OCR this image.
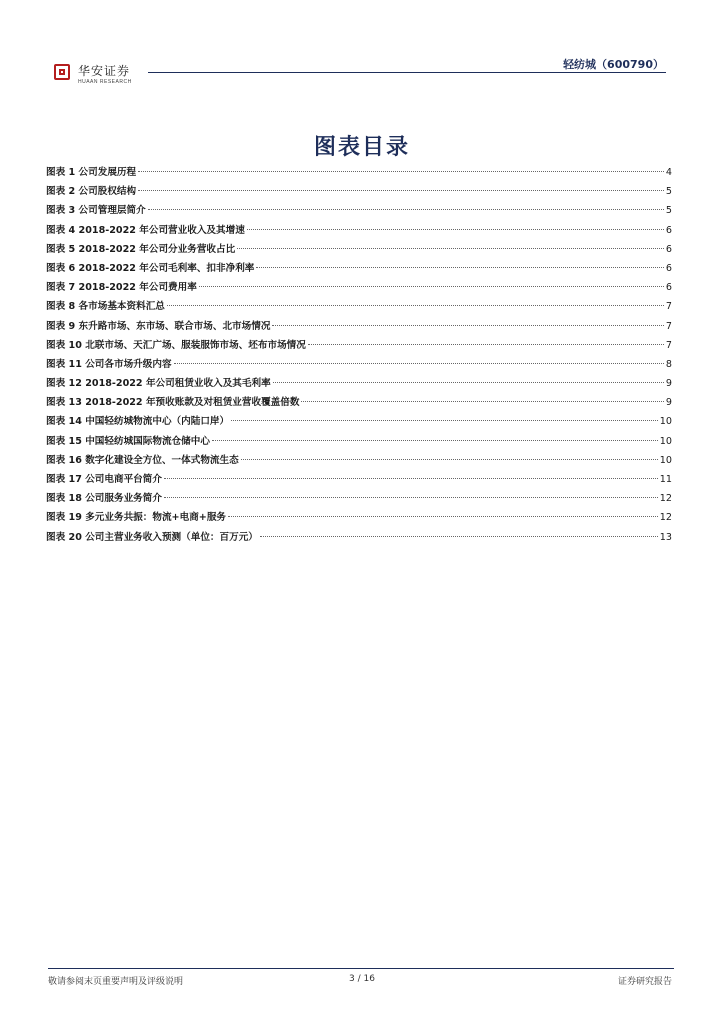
华安证券
HUAAN RESEARCH
轻纺城（600790）
图表目录
图表 1 公司发展历程	4
图表 2 公司股权结构	5
图表 3 公司管理层简介	5
图表 4 2018-2022 年公司营业收入及其增速	6
图表 5 2018-2022 年公司分业务营收占比	6
图表 6 2018-2022 年公司毛利率、扣非净利率	6
图表 7 2018-2022 年公司费用率	6
图表 8 各市场基本资料汇总	7
图表 9 东升路市场、东市场、联合市场、北市场情况	7
图表 10 北联市场、天汇广场、服装服饰市场、坯布市场情况	7
图表 11 公司各市场升级内容	8
图表 12 2018-2022 年公司租赁业收入及其毛利率	9
图表 13 2018-2022 年预收账款及对租赁业营收覆盖倍数	9
图表 14 中国轻纺城物流中心（内陆口岸）	10
图表 15 中国轻纺城国际物流仓储中心	10
图表 16 数字化建设全方位、一体式物流生态	10
图表 17 公司电商平台简介	11
图表 18 公司服务业务简介	12
图表 19 多元业务共振：物流+电商+服务	12
图表 20 公司主营业务收入预测（单位：百万元）	13
敬请参阅末页重要声明及评级说明	3 / 16	证券研究报告
